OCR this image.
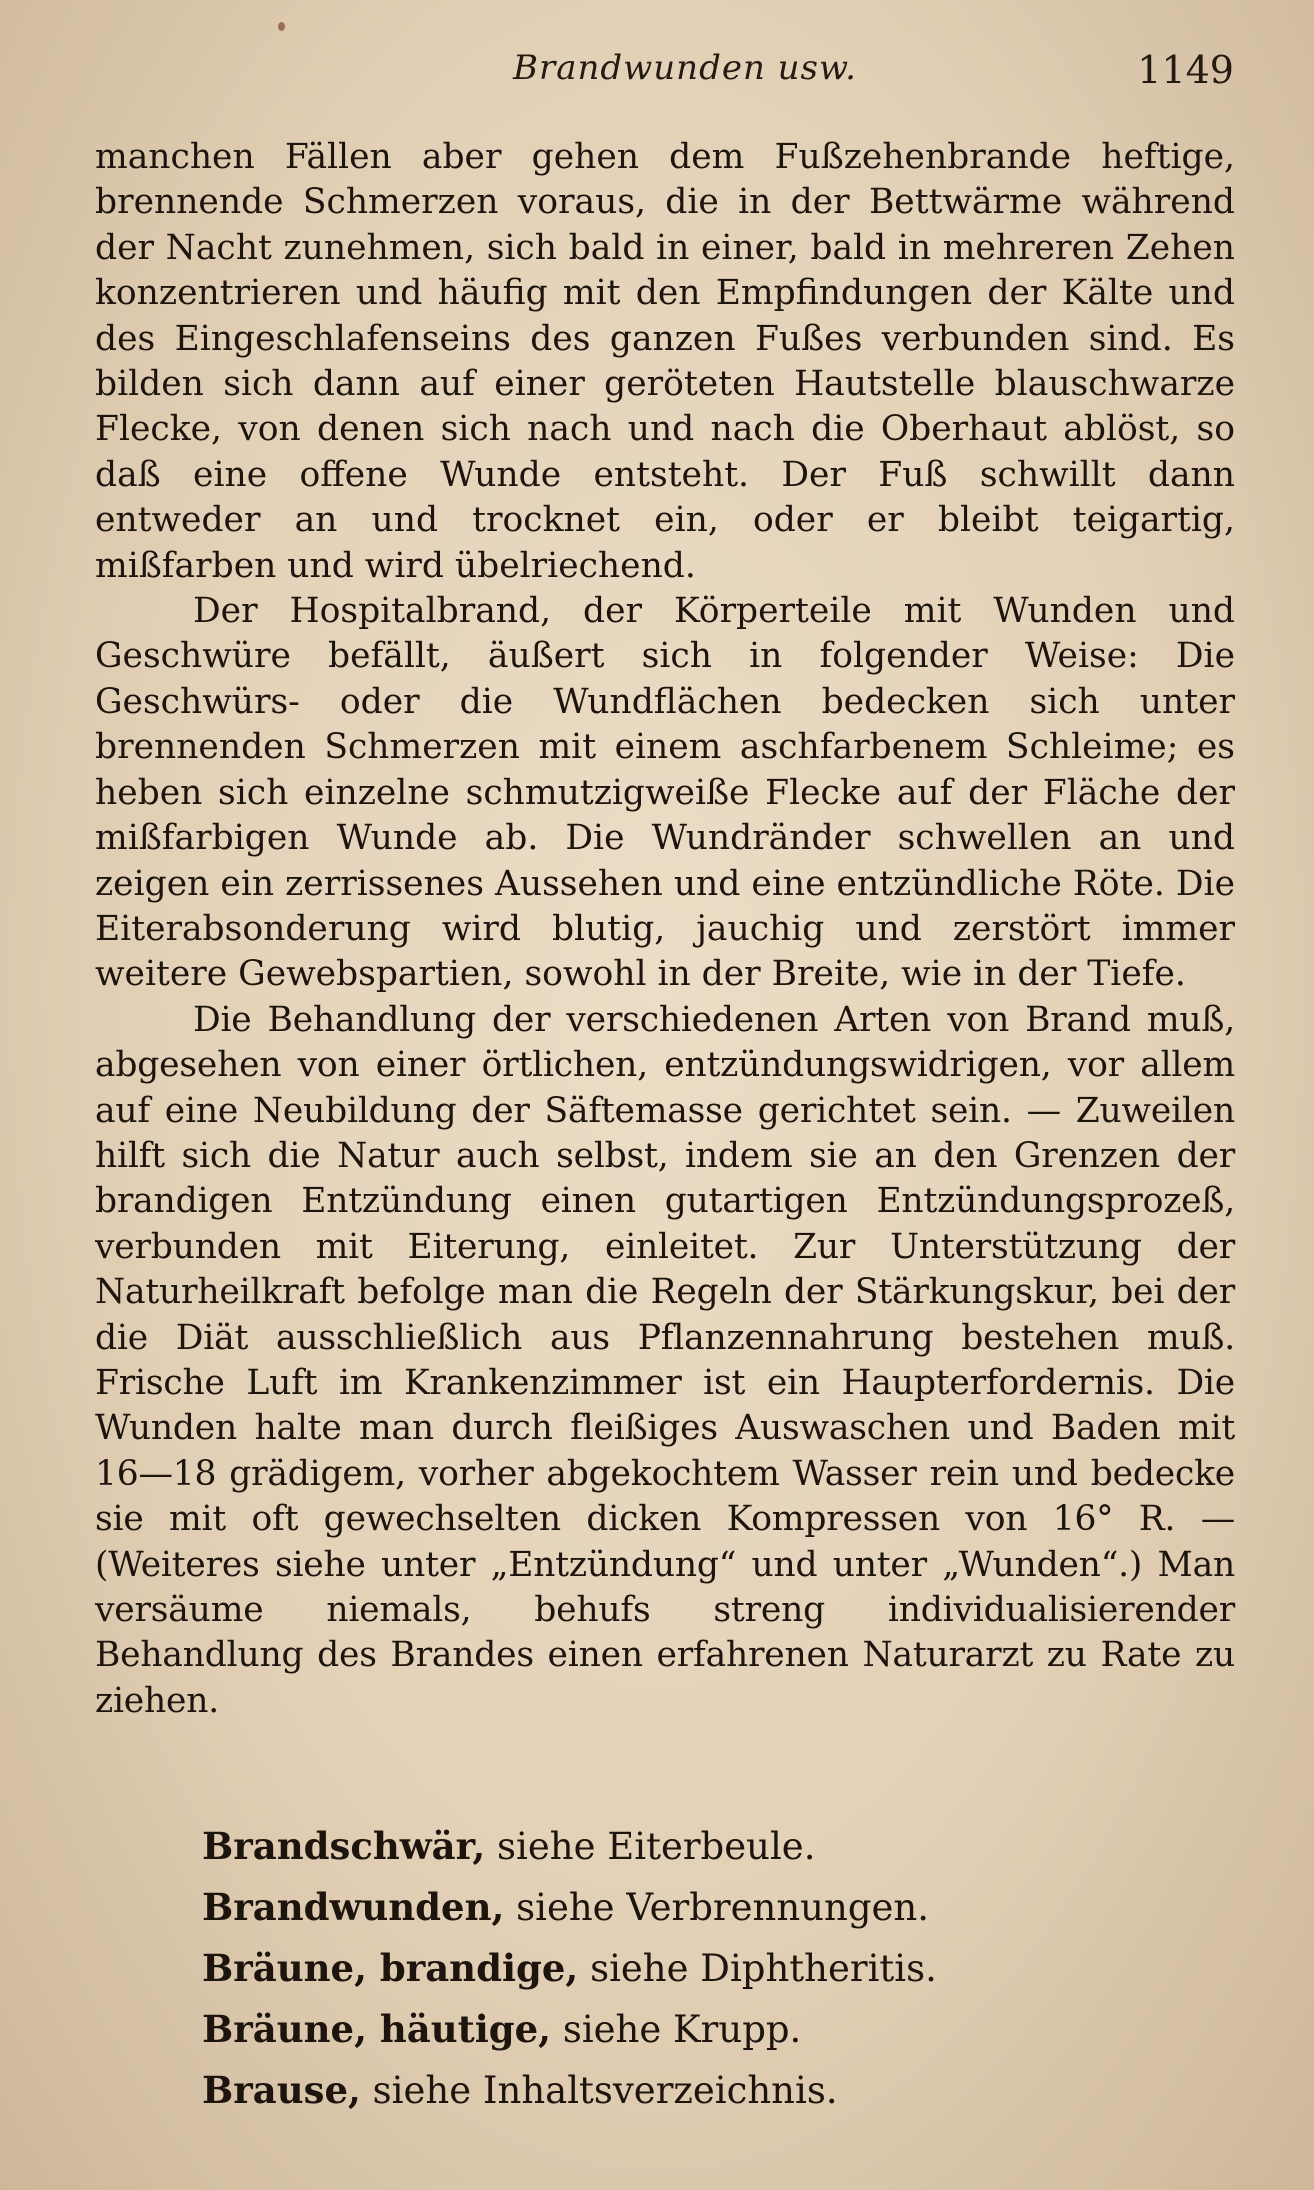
Brandwunden usw.	1149

manchen Fällen aber gehen dem Fußzehenbrande heftige, brennende Schmerzen voraus, die in der Bettwärme während der Nacht zunehmen, sich bald in einer, bald in mehreren Zehen konzentrieren und häufig mit den Empfindungen der Kälte und des Eingeschlafenseins des ganzen Fußes verbunden sind. Es bilden sich dann auf einer geröteten Hautstelle blauschwarze Flecke, von denen sich nach und nach die Oberhaut ablöst, so daß eine offene Wunde entsteht. Der Fuß schwillt dann entweder an und trocknet ein, oder er bleibt teigartig, mißfarben und wird übelriechend.

Der Hospitalbrand, der Körperteile mit Wunden und Geschwüre befällt, äußert sich in folgender Weise: Die Geschwürs- oder die Wundflächen bedecken sich unter brennenden Schmerzen mit einem aschfarbenem Schleime; es heben sich einzelne schmutzigweiße Flecke auf der Fläche der mißfarbigen Wunde ab. Die Wundränder schwellen an und zeigen ein zerrissenes Aussehen und eine entzündliche Röte. Die Eiterabsonderung wird blutig, jauchig und zerstört immer weitere Gewebspartien, sowohl in der Breite, wie in der Tiefe.

Die Behandlung der verschiedenen Arten von Brand muß, abgesehen von einer örtlichen, entzündungswidrigen, vor allem auf eine Neubildung der Säftemasse gerichtet sein. — Zuweilen hilft sich die Natur auch selbst, indem sie an den Grenzen der brandigen Entzündung einen gutartigen Entzündungsprozeß, verbunden mit Eiterung, einleitet. Zur Unterstützung der Naturheilkraft befolge man die Regeln der Stärkungskur, bei der die Diät ausschließlich aus Pflanzennahrung bestehen muß. Frische Luft im Krankenzimmer ist ein Haupterfordernis. Die Wunden halte man durch fleißiges Auswaschen und Baden mit 16—18 grädigem, vorher abgekochtem Wasser rein und bedecke sie mit oft gewechselten dicken Kompressen von 16° R. — (Weiteres siehe unter „Entzündung“ und unter „Wunden“.) Man versäume niemals, behufs streng individualisierender Behandlung des Brandes einen erfahrenen Naturarzt zu Rate zu ziehen.

Brandschwär, siehe Eiterbeule.

Brandwunden, siehe Verbrennungen.

Bräune, brandige, siehe Diphtheritis.

Bräune, häutige, siehe Krupp.

Brause, siehe Inhaltsverzeichnis.
